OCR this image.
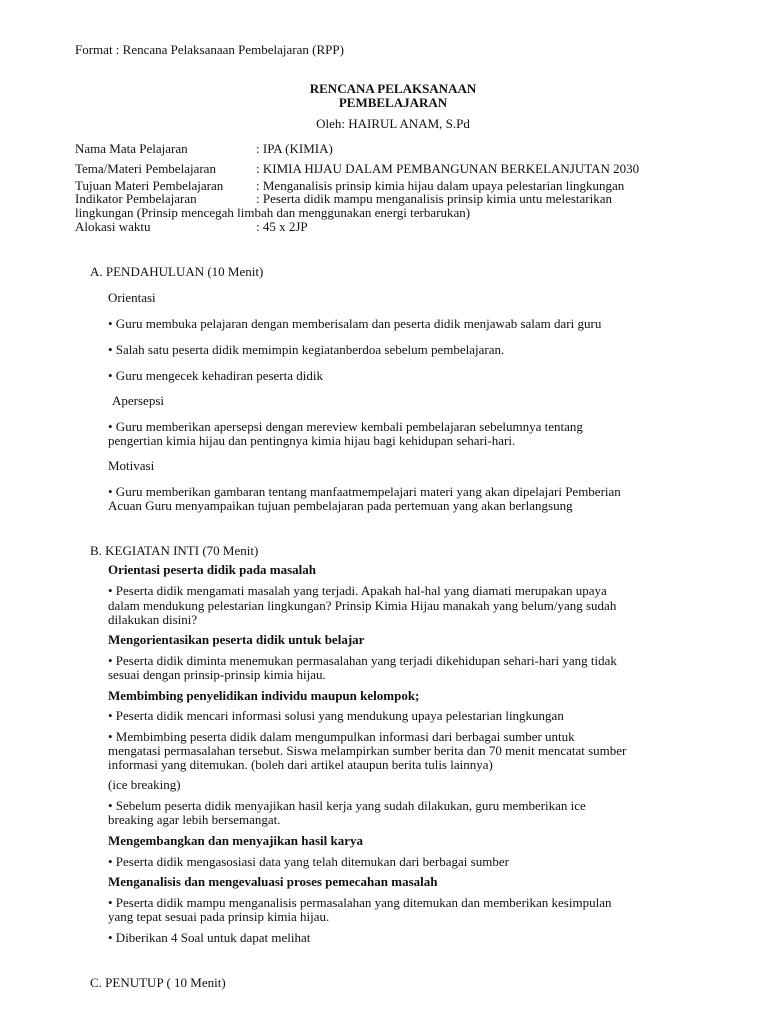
Format : Rencana Pelaksanaan Pembelajaran (RPP)
RENCANA PELAKSANAAN
PEMBELAJARAN
Oleh: HAIRUL ANAM, S.Pd
Nama Mata Pelajaran	: IPA (KIMIA)
Tema/Materi Pembelajaran	: KIMIA HIJAU DALAM PEMBANGUNAN BERKELANJUTAN 2030
Tujuan Materi Pembelajaran	: Menganalisis prinsip kimia hijau dalam upaya pelestarian lingkungan
Indikator Pembelajaran	: Peserta didik mampu menganalisis prinsip kimia untu melestarikan
lingkungan (Prinsip mencegah limbah dan menggunakan energi terbarukan)
Alokasi waktu	: 45 x 2JP
A. PENDAHULUAN (10 Menit)
Orientasi
• Guru membuka pelajaran dengan memberisalam dan peserta didik menjawab salam dari guru
• Salah satu peserta didik memimpin kegiatanberdoa sebelum pembelajaran.
• Guru mengecek kehadiran peserta didik
Apersepsi
• Guru memberikan apersepsi dengan mereview kembali pembelajaran sebelumnya tentang
pengertian kimia hijau dan pentingnya kimia hijau bagi kehidupan sehari-hari.
Motivasi
• Guru memberikan gambaran tentang manfaatmempelajari materi yang akan dipelajari Pemberian
Acuan Guru menyampaikan tujuan pembelajaran pada pertemuan yang akan berlangsung
B. KEGIATAN INTI (70 Menit)
Orientasi peserta didik pada masalah
• Peserta didik mengamati masalah yang terjadi. Apakah hal-hal yang diamati merupakan upaya
dalam mendukung pelestarian lingkungan? Prinsip Kimia Hijau manakah yang belum/yang sudah
dilakukan disini?
Mengorientasikan peserta didik untuk belajar
• Peserta didik diminta menemukan permasalahan yang terjadi dikehidupan sehari-hari yang tidak
sesuai dengan prinsip-prinsip kimia hijau.
Membimbing penyelidikan individu maupun kelompok;
• Peserta didik mencari informasi solusi yang mendukung upaya pelestarian lingkungan
• Membimbing peserta didik dalam mengumpulkan informasi dari berbagai sumber untuk
mengatasi permasalahan tersebut. Siswa melampirkan sumber berita dan 70 menit mencatat sumber
informasi yang ditemukan. (boleh dari artikel ataupun berita tulis lainnya)
(ice breaking)
• Sebelum peserta didik menyajikan hasil kerja yang sudah dilakukan, guru memberikan ice
breaking agar lebih bersemangat.
Mengembangkan dan menyajikan hasil karya
• Peserta didik mengasosiasi data yang telah ditemukan dari berbagai sumber
Menganalisis dan mengevaluasi proses pemecahan masalah
• Peserta didik mampu menganalisis permasalahan yang ditemukan dan memberikan kesimpulan
yang tepat sesuai pada prinsip kimia hijau.
• Diberikan 4 Soal untuk dapat melihat
C. PENUTUP ( 10 Menit)
